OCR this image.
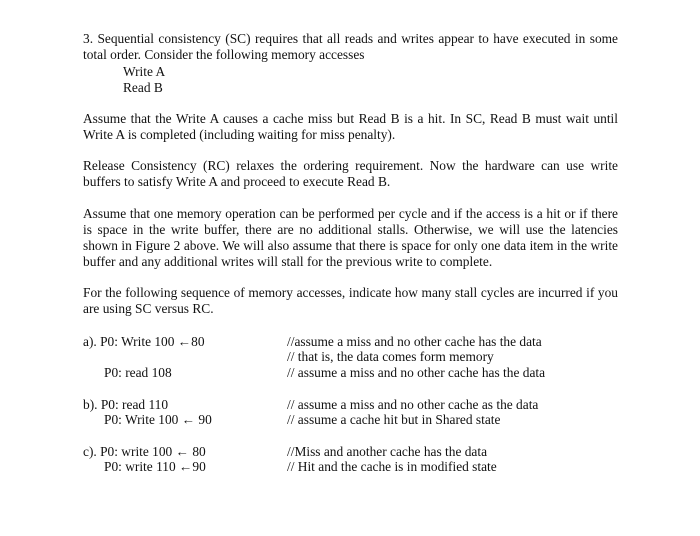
3. Sequential consistency (SC) requires that all reads and writes appear to have executed in some total order. Consider the following memory accesses

Write A
Read B

Assume that the Write A causes a cache miss but Read B is a hit. In SC, Read B must wait until Write A is completed (including waiting for miss penalty).

Release Consistency (RC) relaxes the ordering requirement. Now the hardware can use write buffers to satisfy Write A and proceed to execute Read B.

Assume that one memory operation can be performed per cycle and if the access is a hit or if there is space in the write buffer, there are no additional stalls. Otherwise, we will use the latencies shown in Figure 2 above. We will also assume that there is space for only one data item in the write buffer and any additional writes will stall for the previous write to complete.

For the following sequence of memory accesses, indicate how many stall cycles are incurred if you are using SC versus RC.

a). P0: Write 100 ←80	//assume a miss and no other cache has the data
// that is, the data comes form memory
P0: read 108	// assume a miss and no other cache has the data
b). P0: read 110	// assume a miss and no other cache as the data
P0: Write 100 ← 90	// assume a cache hit but in Shared state
c). P0: write 100 ← 80	//Miss and another cache has the data
P0: write 110 ←90	// Hit and the cache is in modified state
